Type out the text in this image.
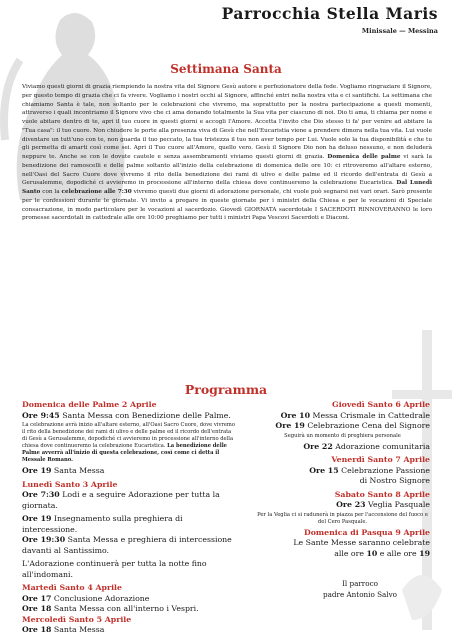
Parrocchia Stella Maris
Minissale — Messina
Settimana Santa
Viviamo questi giorni di grazia riempiendo la nostra vita del Signore Gesù autore e perfezionatore della fede. Vogliamo ringraziare il Signore, per questo tempo di grazia che ci fa vivere. Vogliamo i nostri occhi al Signore, affinché entri nella nostra vita e ci santifichi. La settimana che chiamiamo Santa è tale, non soltanto per le celebrazioni che vivremo, ma soprattutto per la nostra partecipazione a questi momenti, attraverso i quali incontriamo il Signore vivo che ci ama donando totalmente la Sua vita per ciascuno di noi. Dio ti ama, ti chiama per nome e vuole abitare dentro di te, apri il tuo cuore in questi giorni e accogli l'Amore. Accetta l'invito che Dio stesso ti fa' per venire ad abitare la "Tua casa": il tuo cuore. Non chiudere le porte alla presenza viva di Gesù che nell'Eucaristia viene a prendere dimora nella tua vita. Lui vuole diventare un tutt'uno con te, non guarda il tuo peccato, la tua tristezza il tuo non aver tempo per Lui. Vuole solo la tua disponibilità e che tu gli permetta di amarti così come sei. Apri il Tuo cuore all'Amore, quello vero. Gesù il Signore Dio non ha deluso nessuno, e non deluderà neppure te. Anche se con le dovute cautele e senza assembramenti viviamo questi giorni di grazia. Domenica delle palme vi sarà la benedizione dei ramoscelli e delle palme soltanto all'inizio della celebrazione di domenica delle ore 10: ci ritroveremo all'altare esterno, nell'Oasi del Sacro Cuore dove vivremo il rito della benedizione dei rami di ulivo e delle palme ed il ricordo dell'entrata di Gesù a Gerusalemme, dopodiché ci avvieremo in processione all'interno della chiesa dove continueremo la celebrazione Eucaristica. Dal Lunedì Santo con la celebrazione alle 7:30 vivremo questi due giorni di adorazione personale, chi vuole può segnarsi nei vari orari. Sarò presente per le confessioni durante le giornate. Vi invito a pregare in queste giornate per i ministri della Chiesa e per le vocazioni di Speciale consacrazione, in modo particolare per le vocazioni al sacerdozio. Giovedì GIORNATA sacerdotale I SACERDOTI RINNOVERANNO le loro promesse sacerdotali in cattedrale alle ore 10:00 preghiamo per tutti i ministri Papa Vescovi Sacerdoti e Diaconi.
Programma

Domenica delle Palme 2 Aprile

Ore 9:45 Santa Messa con Benedizione delle Palme.

La celebrazione avrà inizio all'altare esterno, all'Oasi Sacro Cuore, dove vivremo il rito della benedizione dei rami di ulivo e delle palme ed il ricordo dell'entrata di Gesù a Gerusalemme, dopodiché ci avvieremo in processione all'interno della chiesa dove continueremo la celebrazione Eucaristica. La benedizione delle Palme avverrà all'inizio di questa celebrazione, così come ci detta il Messale Romano.

Ore 19 Santa Messa

Lunedì Santo 3 Aprile

Ore 7:30 Lodi e a seguire Adorazione per tutta la giornata.

Ore 19 Insegnamento sulla preghiera di intercessione.

Ore 19:30 Santa Messa e preghiera di intercessione davanti al Santissimo.

L'Adorazione continuerà per tutta la notte fino all'indomani.

Martedì Santo 4 Aprile

Ore 17 Conclusione Adorazione

Ore 18 Santa Messa con all'interno i Vespri.

Mercoledì Santo 5 Aprile

Ore 18 Santa Messa

Giovedì Santo 6 Aprile

Ore 10 Messa Crismale in Cattedrale

Ore 19 Celebrazione Cena del Signore

Seguirà un momento di preghiera personale

Ore 22 Adorazione comunitaria

Venerdì Santo 7 Aprile

Ore 15 Celebrazione Passione

di Nostro Signore

Sabato Santo 8 Aprile

Ore 23 Veglia Pasquale

Per la Veglia ci si radunerà in piazza per l'accensione del fuoco e del Cero Pasquale.

Domenica di Pasqua 9 Aprile

Le Sante Messe saranno celebrate

alle ore 10 e alle ore 19

Il parroco
padre Antonio Salvo
